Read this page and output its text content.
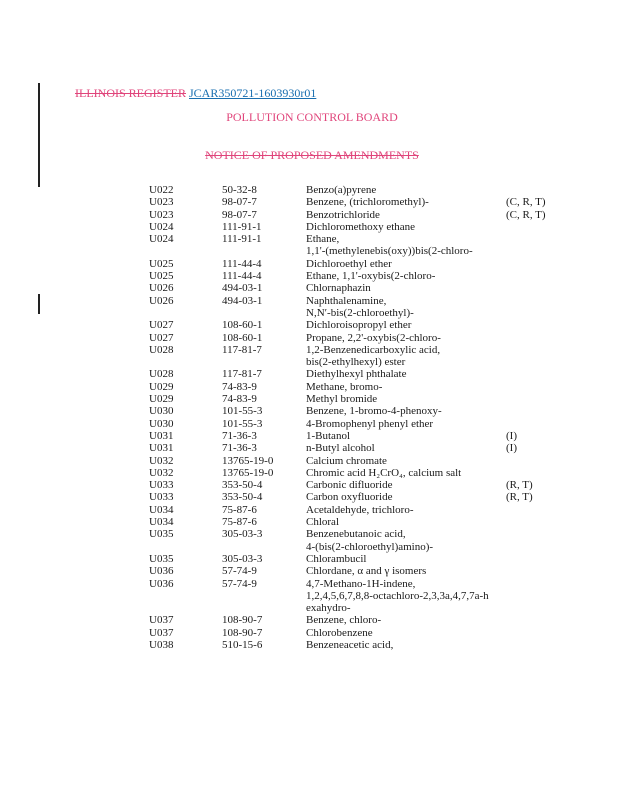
ILLINOIS REGISTER JCAR350721-1603930r01
POLLUTION CONTROL BOARD
NOTICE OF PROPOSED AMENDMENTS
U022	50-32-8	Benzo(a)pyrene
U023	98-07-7	Benzene, (trichloromethyl)-	(C, R, T)
U023	98-07-7	Benzotrichloride	(C, R, T)
U024	111-91-1	Dichloromethoxy ethane
U024	111-91-1	Ethane,
1,1'-(methylenebis(oxy))bis(2-chloro-
U025	111-44-4	Dichloroethyl ether
U025	111-44-4	Ethane, 1,1'-oxybis(2-chloro-
U026	494-03-1	Chlornaphazin
U026	494-03-1	Naphthalenamine,
N,N′-bis(2-chloroethyl)-
U027	108-60-1	Dichloroisopropyl ether
U027	108-60-1	Propane, 2,2'-oxybis(2-chloro-
U028	117-81-7	1,2-Benzenedicarboxylic acid,
bis(2-ethylhexyl) ester
U028	117-81-7	Diethylhexyl phthalate
U029	74-83-9	Methane, bromo-
U029	74-83-9	Methyl bromide
U030	101-55-3	Benzene, 1-bromo-4-phenoxy-
U030	101-55-3	4-Bromophenyl phenyl ether
U031	71-36-3	1-Butanol	(I)
U031	71-36-3	n-Butyl alcohol	(I)
U032	13765-19-0	Calcium chromate
U032	13765-19-0	Chromic acid H₂CrO₄, calcium salt
U033	353-50-4	Carbonic difluoride	(R, T)
U033	353-50-4	Carbon oxyfluoride	(R, T)
U034	75-87-6	Acetaldehyde, trichloro-
U034	75-87-6	Chloral
U035	305-03-3	Benzenebutanoic acid,
4-(bis(2-chloroethyl)amino)-
U035	305-03-3	Chlorambucil
U036	57-74-9	Chlordane, α and γ isomers
U036	57-74-9	4,7-Methano-1H-indene,
1,2,4,5,6,7,8,8-octachloro-2,3,3a,4,7,7a-h
exahydro-
U037	108-90-7	Benzene, chloro-
U037	108-90-7	Chlorobenzene
U038	510-15-6	Benzeneacetic acid,
